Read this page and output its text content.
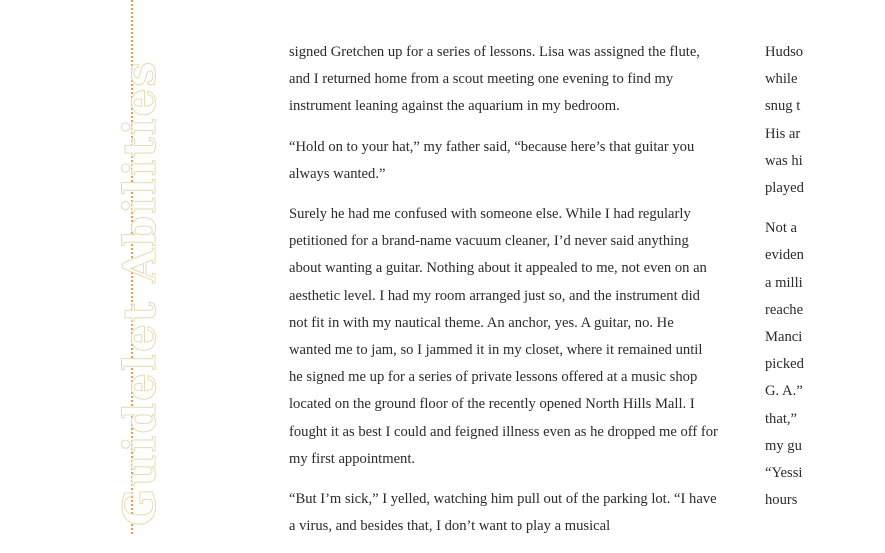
Guidelet Abilities

signed Gretchen up for a series of lessons. Lisa was assigned the flute, and I returned home from a scout meeting one evening to find my instrument leaning against the aquarium in my bedroom.

“Hold on to your hat,” my father said, “because here’s that guitar you always wanted.”

Surely he had me confused with someone else. While I had regularly petitioned for a brand-name vacuum cleaner, I’d never said anything about wanting a guitar. Nothing about it appealed to me, not even on an aesthetic level. I had my room arranged just so, and the instrument did not fit in with my nautical theme. An anchor, yes. A guitar, no. He wanted me to jam, so I jammed it in my closet, where it remained until he signed me up for a series of private lessons offered at a music shop located on the ground floor of the recently opened North Hills Mall. I fought it as best I could and feigned illness even as he dropped me off for my first appointment.

“But I’m sick,” I yelled, watching him pull out of the parking lot. “I have a virus, and besides that, I don’t want to play a musical

Hudso
while
snug t
His ar
was hi
played

Not a
eviden
a milli
reache
Manci
picked
G. A.”
that,”
my gu
“Yessi
hours
